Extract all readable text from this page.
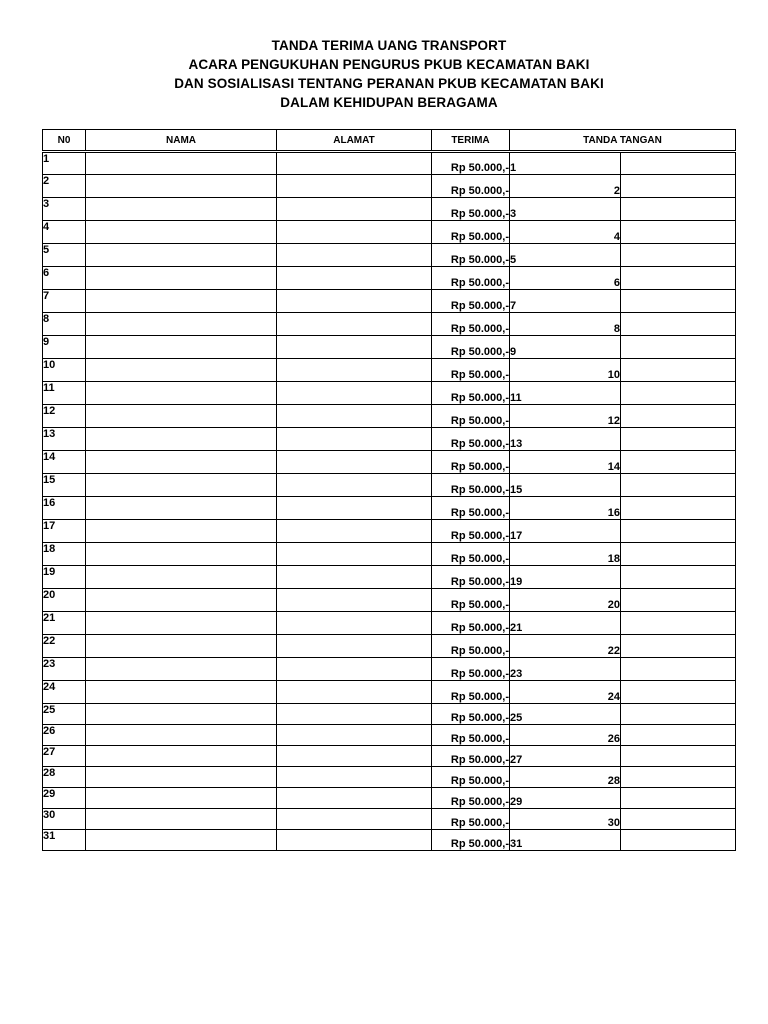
TANDA TERIMA UANG TRANSPORT
ACARA PENGUKUHAN PENGURUS PKUB KECAMATAN BAKI
DAN SOSIALISASI TENTANG PERANAN PKUB KECAMATAN BAKI
DALAM KEHIDUPAN BERAGAMA
N0	NAMA	ALAMAT	TERIMA	TANDA TANGAN	
1			Rp 50.000,-	1	
2			Rp 50.000,-	2	
3			Rp 50.000,-	3	
4			Rp 50.000,-	4	
5			Rp 50.000,-	5	
6			Rp 50.000,-	6	
7			Rp 50.000,-	7	
8			Rp 50.000,-	8	
9			Rp 50.000,-	9	
10			Rp 50.000,-	10	
11			Rp 50.000,-	11	
12			Rp 50.000,-	12	
13			Rp 50.000,-	13	
14			Rp 50.000,-	14	
15			Rp 50.000,-	15	
16			Rp 50.000,-	16	
17			Rp 50.000,-	17	
18			Rp 50.000,-	18	
19			Rp 50.000,-	19	
20			Rp 50.000,-	20	
21			Rp 50.000,-	21	
22			Rp 50.000,-	22	
23			Rp 50.000,-	23	
24			Rp 50.000,-	24	
25			Rp 50.000,-	25	
26			Rp 50.000,-	26	
27			Rp 50.000,-	27	
28			Rp 50.000,-	28	
29			Rp 50.000,-	29	
30			Rp 50.000,-	30	
31			Rp 50.000,-	31	
